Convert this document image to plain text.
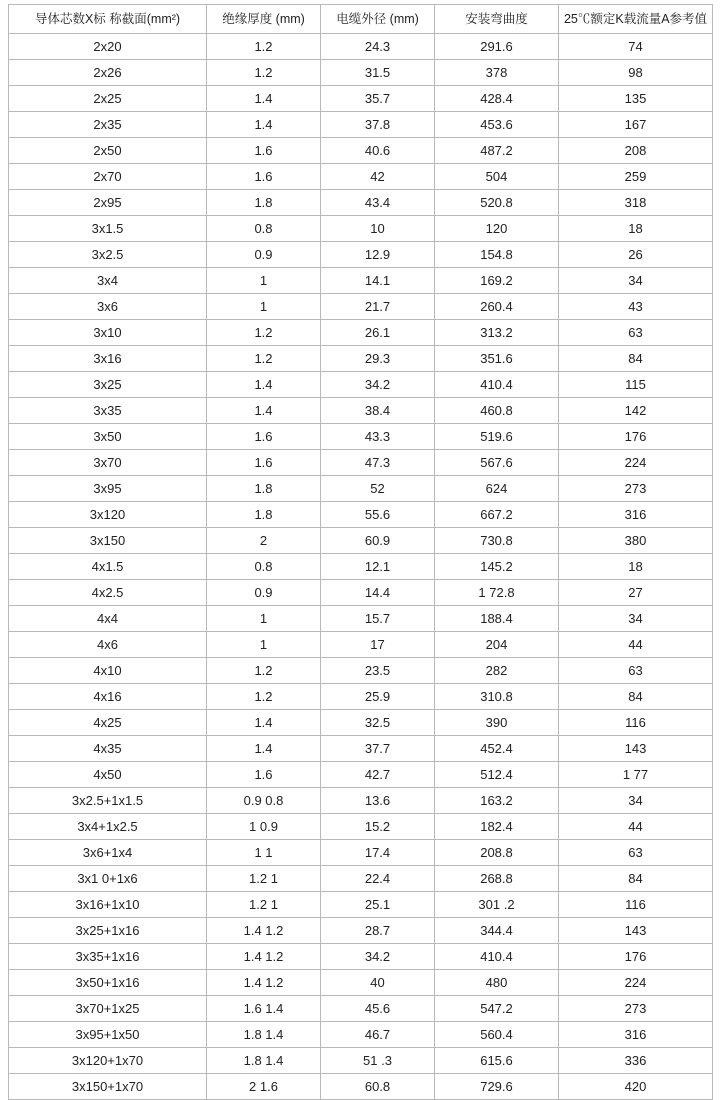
导体芯数X标 称截面(mm²)	绝缘厚度 (mm)	电缆外径 (mm)	安装弯曲度	25℃额定K载流量A参考值
2x20	1.2	24.3	291.6	74
2x26	1.2	31.5	378	98
2x25	1.4	35.7	428.4	135
2x35	1.4	37.8	453.6	167
2x50	1.6	40.6	487.2	208
2x70	1.6	42	504	259
2x95	1.8	43.4	520.8	318
3x1.5	0.8	10	120	18
3x2.5	0.9	12.9	154.8	26
3x4	1	14.1	169.2	34
3x6	1	21.7	260.4	43
3x10	1.2	26.1	313.2	63
3x16	1.2	29.3	351.6	84
3x25	1.4	34.2	410.4	115
3x35	1.4	38.4	460.8	142
3x50	1.6	43.3	519.6	176
3x70	1.6	47.3	567.6	224
3x95	1.8	52	624	273
3x120	1.8	55.6	667.2	316
3x150	2	60.9	730.8	380
4x1.5	0.8	12.1	145.2	18
4x2.5	0.9	14.4	1 72.8	27
4x4	1	15.7	188.4	34
4x6	1	17	204	44
4x10	1.2	23.5	282	63
4x16	1.2	25.9	310.8	84
4x25	1.4	32.5	390	116
4x35	1.4	37.7	452.4	143
4x50	1.6	42.7	512.4	1 77
3x2.5+1x1.5	0.9 0.8	13.6	163.2	34
3x4+1x2.5	1 0.9	15.2	182.4	44
3x6+1x4	1 1	17.4	208.8	63
3x1 0+1x6	1.2 1	22.4	268.8	84
3x16+1x10	1.2 1	25.1	301 .2	116
3x25+1x16	1.4 1.2	28.7	344.4	143
3x35+1x16	1.4 1.2	34.2	410.4	176
3x50+1x16	1.4 1.2	40	480	224
3x70+1x25	1.6 1.4	45.6	547.2	273
3x95+1x50	1.8 1.4	46.7	560.4	316
3x120+1x70	1.8 1.4	51 .3	615.6	336
3x150+1x70	2 1.6	60.8	729.6	420
